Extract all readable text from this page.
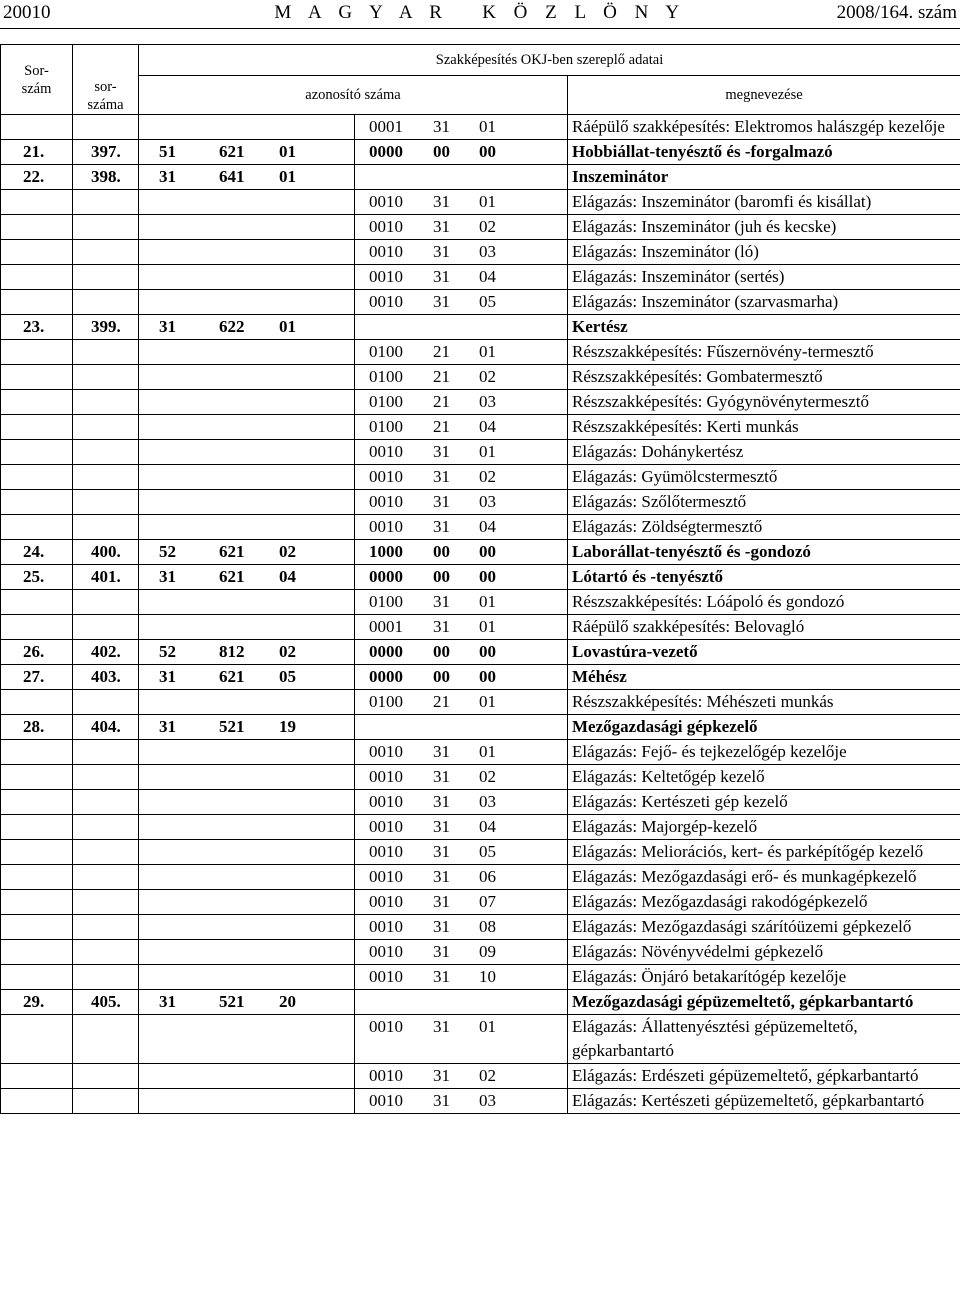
20010	M A G Y A R   K Ö Z L Ö N Y	2008/164. szám
Sor-
szám	sor-
száma	Szakképesítés OKJ-ben szereplő adatai		
		azonosító száma		megnevezése
			0001 31 01	Ráépülő szakképesítés: Elektromos halászgép kezelője
21.	397.	51 621 01	0000 00 00	Hobbiállat-tenyésztő és -forgalmazó
22.	398.	31 641 01		Inszeminátor
			0010 31 01	Elágazás: Inszeminátor (baromfi és kisállat)
			0010 31 02	Elágazás: Inszeminátor (juh és kecske)
			0010 31 03	Elágazás: Inszeminátor (ló)
			0010 31 04	Elágazás: Inszeminátor (sertés)
			0010 31 05	Elágazás: Inszeminátor (szarvasmarha)
23.	399.	31 622 01		Kertész
			0100 21 01	Részszakképesítés: Fűszernövény-termesztő
			0100 21 02	Részszakképesítés: Gombatermesztő
			0100 21 03	Részszakképesítés: Gyógynövénytermesztő
			0100 21 04	Részszakképesítés: Kerti munkás
			0010 31 01	Elágazás: Dohánykertész
			0010 31 02	Elágazás: Gyümölcstermesztő
			0010 31 03	Elágazás: Szőlőtermesztő
			0010 31 04	Elágazás: Zöldségtermesztő
24.	400.	52 621 02	1000 00 00	Laborállat-tenyésztő és -gondozó
25.	401.	31 621 04	0000 00 00	Lótartó és -tenyésztő
			0100 31 01	Részszakképesítés: Lóápoló és gondozó
			0001 31 01	Ráépülő szakképesítés: Belovagló
26.	402.	52 812 02	0000 00 00	Lovastúra-vezető
27.	403.	31 621 05	0000 00 00	Méhész
			0100 21 01	Részszakképesítés: Méhészeti munkás
28.	404.	31 521 19		Mezőgazdasági gépkezelő
			0010 31 01	Elágazás: Fejő- és tejkezelőgép kezelője
			0010 31 02	Elágazás: Keltetőgép kezelő
			0010 31 03	Elágazás: Kertészeti gép kezelő
			0010 31 04	Elágazás: Majorgép-kezelő
			0010 31 05	Elágazás: Meliorációs, kert- és parképítőgép kezelő
			0010 31 06	Elágazás: Mezőgazdasági erő- és munkagépkezelő
			0010 31 07	Elágazás: Mezőgazdasági rakodógépkezelő
			0010 31 08	Elágazás: Mezőgazdasági szárítóüzemi gépkezelő
			0010 31 09	Elágazás: Növényvédelmi gépkezelő
			0010 31 10	Elágazás: Önjáró betakarítógép kezelője
29.	405.	31 521 20		Mezőgazdasági gépüzemeltető, gépkarbantartó
			0010 31 01	Elágazás: Állattenyésztési gépüzemeltető, gépkarbantartó
			0010 31 02	Elágazás: Erdészeti gépüzemeltető, gépkarbantartó
			0010 31 03	Elágazás: Kertészeti gépüzemeltető, gépkarbantartó
